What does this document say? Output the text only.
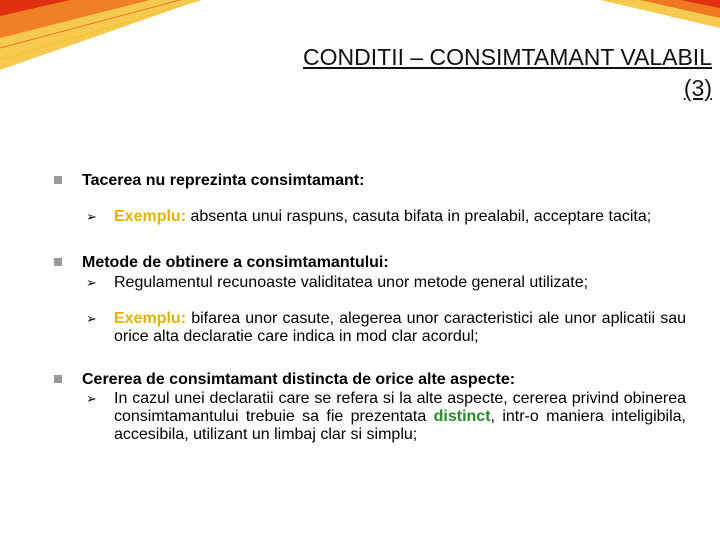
CONDITII – CONSIMTAMANT VALABIL
(3)
Tacerea nu reprezinta consimtamant:
➢ Exemplu: absenta unui raspuns, casuta bifata in prealabil, acceptare tacita;
Metode de obtinere a consimtamantului:
➢ Regulamentul recunoaste validitatea unor metode general utilizate;
➢ Exemplu: bifarea unor casute, alegerea unor caracteristici ale unor aplicatii sau orice alta declaratie care indica in mod clar acordul;
Cererea de consimtamant distincta de orice alte aspecte:
➢ In cazul unei declaratii care se refera si la alte aspecte, cererea privind obinerea consimtamantului trebuie sa fie prezentata distinct, intr-o maniera inteligibila, accesibila, utilizant un limbaj clar si simplu;
